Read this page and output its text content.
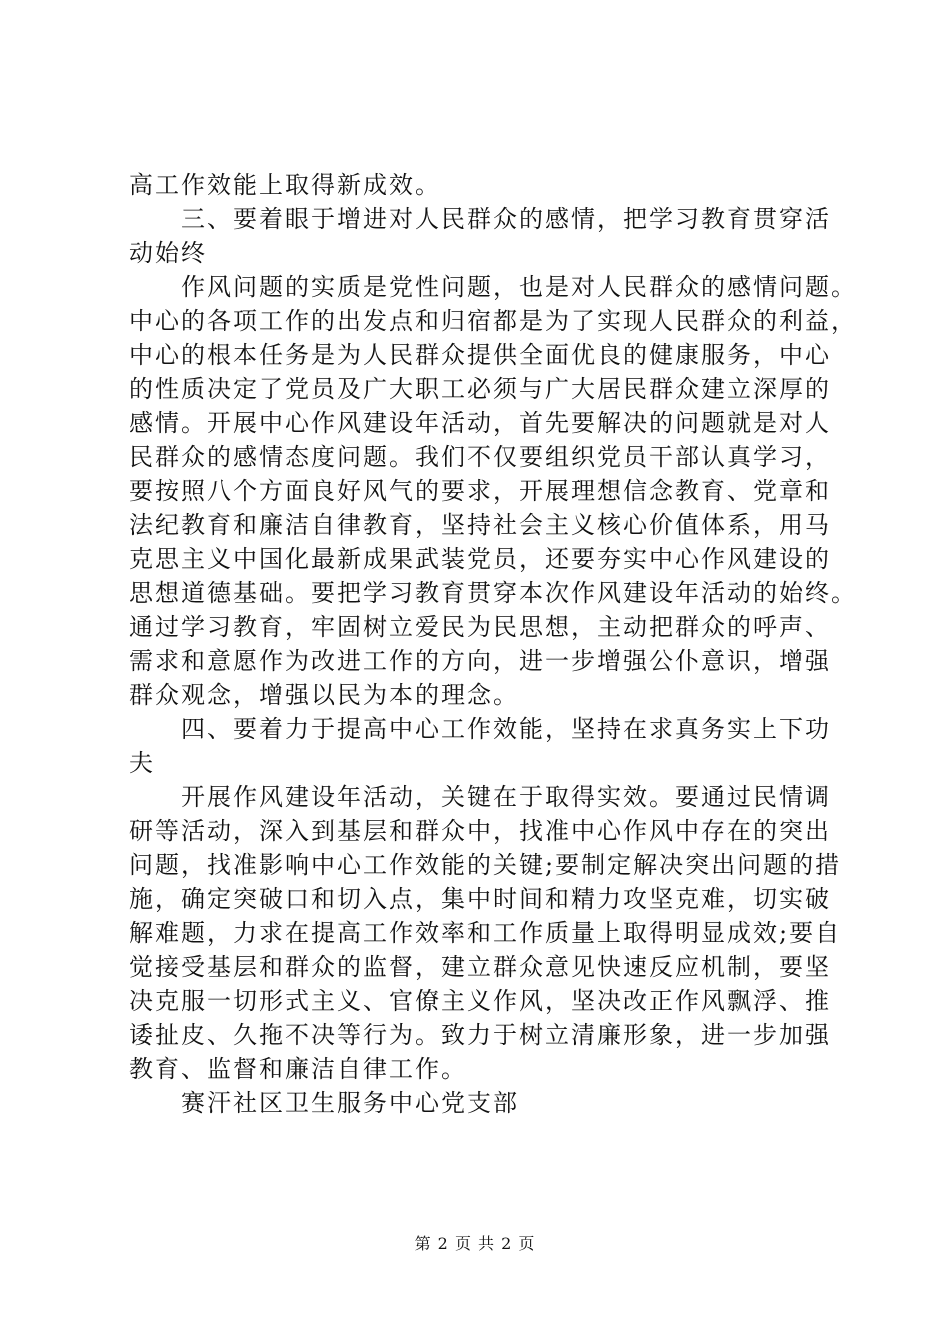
高工作效能上取得新成效。
三、要着眼于增进对人民群众的感情，把学习教育贯穿活
动始终
作风问题的实质是党性问题，也是对人民群众的感情问题。
中心的各项工作的出发点和归宿都是为了实现人民群众的利益，
中心的根本任务是为人民群众提供全面优良的健康服务，中心
的性质决定了党员及广大职工必须与广大居民群众建立深厚的
感情。开展中心作风建设年活动，首先要解决的问题就是对人
民群众的感情态度问题。我们不仅要组织党员干部认真学习，
要按照八个方面良好风气的要求，开展理想信念教育、党章和
法纪教育和廉洁自律教育，坚持社会主义核心价值体系，用马
克思主义中国化最新成果武装党员，还要夯实中心作风建设的
思想道德基础。要把学习教育贯穿本次作风建设年活动的始终。
通过学习教育，牢固树立爱民为民思想，主动把群众的呼声、
需求和意愿作为改进工作的方向，进一步增强公仆意识，增强
群众观念，增强以民为本的理念。
四、要着力于提高中心工作效能，坚持在求真务实上下功
夫
开展作风建设年活动，关键在于取得实效。要通过民情调
研等活动，深入到基层和群众中，找准中心作风中存在的突出
问题，找准影响中心工作效能的关键;要制定解决突出问题的措
施，确定突破口和切入点，集中时间和精力攻坚克难，切实破
解难题，力求在提高工作效率和工作质量上取得明显成效;要自
觉接受基层和群众的监督，建立群众意见快速反应机制，要坚
决克服一切形式主义、官僚主义作风，坚决改正作风飘浮、推
诿扯皮、久拖不决等行为。致力于树立清廉形象，进一步加强
教育、监督和廉洁自律工作。
赛汗社区卫生服务中心党支部
第 2 页 共 2 页
